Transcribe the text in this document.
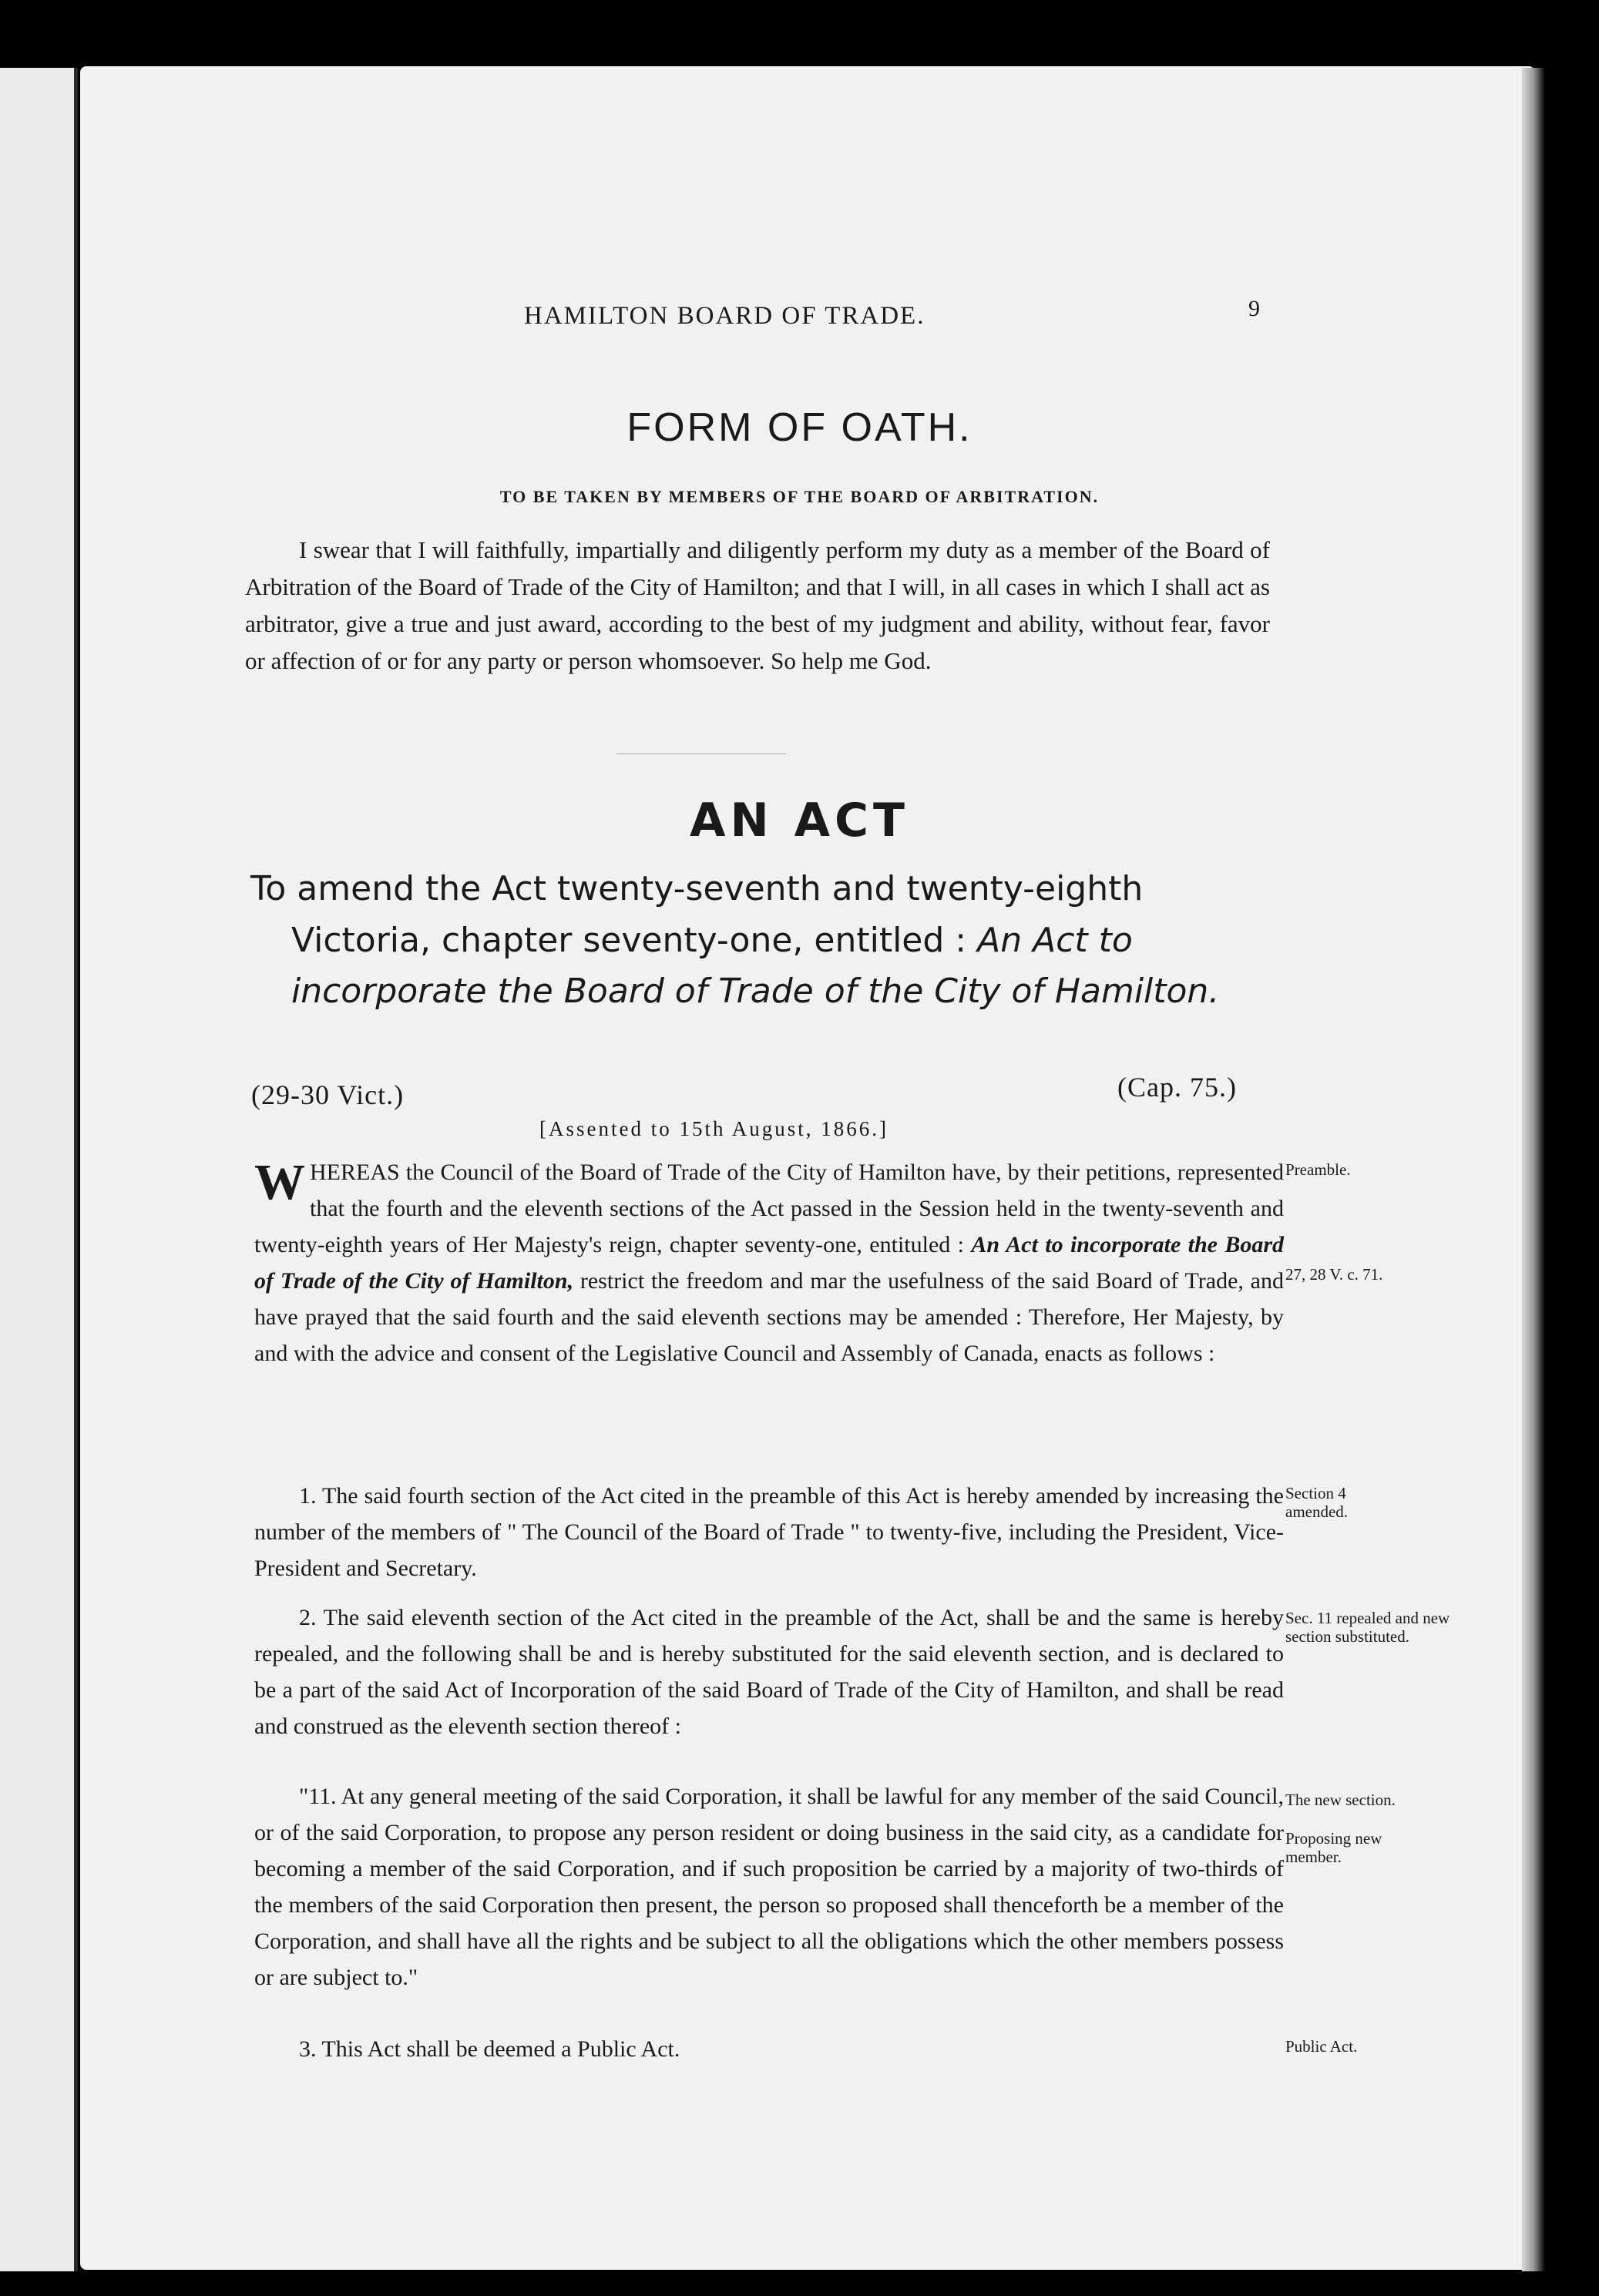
HAMILTON BOARD OF TRADE.	9
FORM OF OATH.
TO BE TAKEN BY MEMBERS OF THE BOARD OF ARBITRATION.
I swear that I will faithfully, impartially and diligently perform my duty as a member of the Board of Arbitration of the Board of Trade of the City of Hamilton; and that I will, in all cases in which I shall act as arbitrator, give a true and just award, according to the best of my judgment and ability, without fear, favor or affection of or for any party or person whomsoever. So help me God.
AN ACT
To amend the Act twenty-seventh and twenty-eighth
Victoria, chapter seventy-one, entitled : An Act to
incorporate the Board of Trade of the City of Hamilton.
(29-30 Vict.)	(Cap. 75.)
[Assented to 15th August, 1866.]
WHEREAS the Council of the Board of Trade of the City of Hamilton have, by their petitions, represented that the fourth and the eleventh sections of the Act passed in the Session held in the twenty-seventh and twenty-eighth years of Her Majesty's reign, chapter seventy-one, entituled : An Act to incorporate the Board of Trade of the City of Hamilton, restrict the freedom and mar the usefulness of the said Board of Trade, and have prayed that the said fourth and the said eleventh sections may be amended : Therefore, Her Majesty, by and with the advice and consent of the Legislative Council and Assembly of Canada, enacts as follows :
1. The said fourth section of the Act cited in the preamble of this Act is hereby amended by increasing the number of the members of " The Council of the Board of Trade " to twenty-five, including the President, Vice-President and Secretary.
2. The said eleventh section of the Act cited in the preamble of the Act, shall be and the same is hereby repealed, and the following shall be and is hereby substituted for the said eleventh section, and is declared to be a part of the said Act of Incorporation of the said Board of Trade of the City of Hamilton, and shall be read and construed as the eleventh section thereof :
"11. At any general meeting of the said Corporation, it shall be lawful for any member of the said Council, or of the said Corporation, to propose any person resident or doing business in the said city, as a candidate for becoming a member of the said Corporation, and if such proposition be carried by a majority of two-thirds of the members of the said Corporation then present, the person so proposed shall thenceforth be a member of the Corporation, and shall have all the rights and be subject to all the obligations which the other members possess or are subject to."
3. This Act shall be deemed a Public Act.
Preamble.
27, 28 V. c. 71.
Section 4 amended.
Sec. 11 repealed and new section substituted.
The new section.
Proposing new member.
Public Act.
